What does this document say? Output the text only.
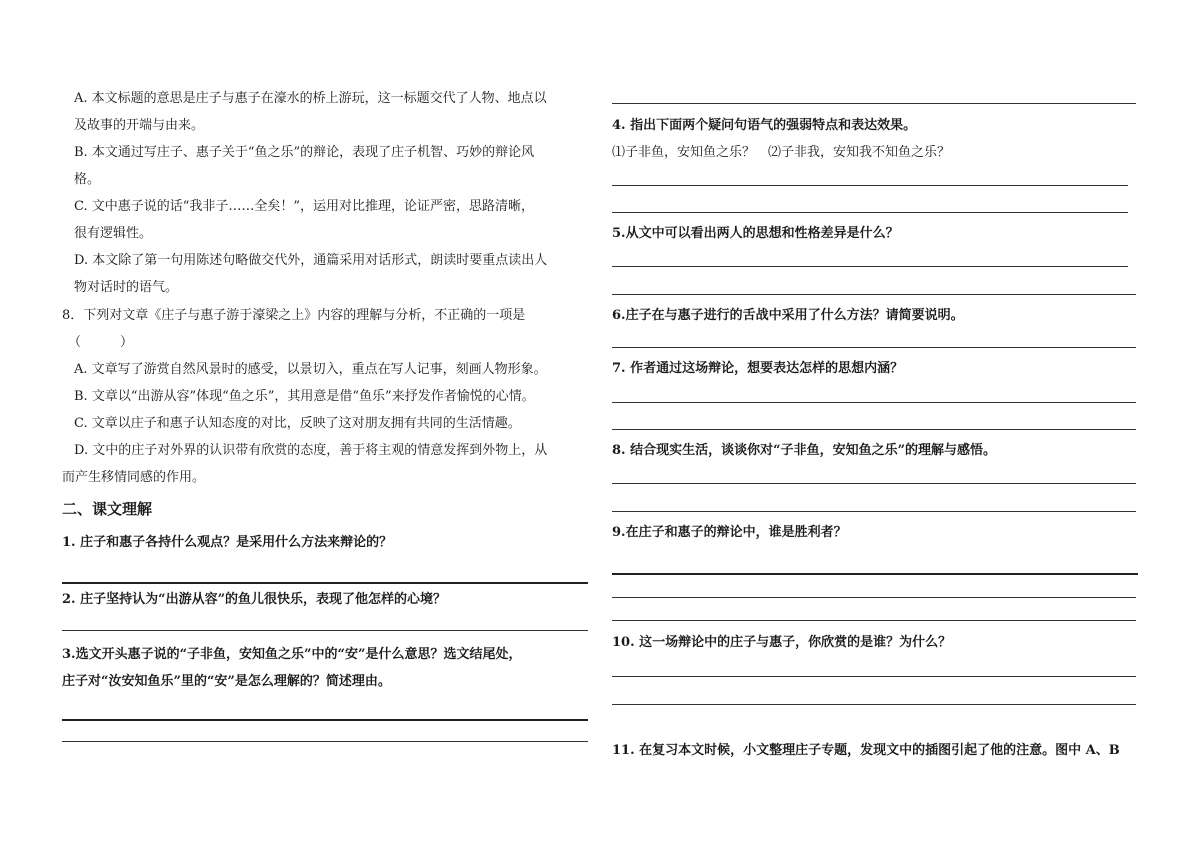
A. 本文标题的意思是庄子与惠子在濠水的桥上游玩，这一标题交代了人物、地点以
及故事的开端与由来。
B. 本文通过写庄子、惠子关于“鱼之乐”的辩论，表现了庄子机智、巧妙的辩论风
格。
C. 文中惠子说的话“我非子……全矣！”，运用对比推理，论证严密，思路清晰，
很有逻辑性。
D. 本文除了第一句用陈述句略做交代外，通篇采用对话形式，朗读时要重点读出人
物对话时的语气。
8．下列对文章《庄子与惠子游于濠梁之上》内容的理解与分析，不正确的一项是
（　　　）
A. 文章写了游赏自然风景时的感受，以景切入，重点在写人记事，刻画人物形象。
B. 文章以“出游从容”体现“鱼之乐”，其用意是借“鱼乐”来抒发作者愉悦的心情。
C. 文章以庄子和惠子认知态度的对比，反映了这对朋友拥有共同的生活情趣。
D. 文中的庄子对外界的认识带有欣赏的态度，善于将主观的情意发挥到外物上，从
而产生移情同感的作用。
二、课文理解
1. 庄子和惠子各持什么观点？是采用什么方法来辩论的？
2. 庄子坚持认为“出游从容”的鱼儿很快乐，表现了他怎样的心境？
3.选文开头惠子说的“子非鱼，安知鱼之乐”中的“安”是什么意思？选文结尾处，
庄子对“汝安知鱼乐”里的“安”是怎么理解的？简述理由。
4. 指出下面两个疑问句语气的强弱特点和表达效果。
⑴子非鱼，安知鱼之乐？　⑵子非我，安知我不知鱼之乐？
5.从文中可以看出两人的思想和性格差异是什么？
6.庄子在与惠子进行的舌战中采用了什么方法？请简要说明。
7. 作者通过这场辩论，想要表达怎样的思想内涵？
8. 结合现实生活，谈谈你对“子非鱼，安知鱼之乐”的理解与感悟。
9.在庄子和惠子的辩论中，谁是胜利者？
10. 这一场辩论中的庄子与惠子，你欣赏的是谁？为什么？
11. 在复习本文时候，小文整理庄子专题，发现文中的插图引起了他的注意。图中 A、B
